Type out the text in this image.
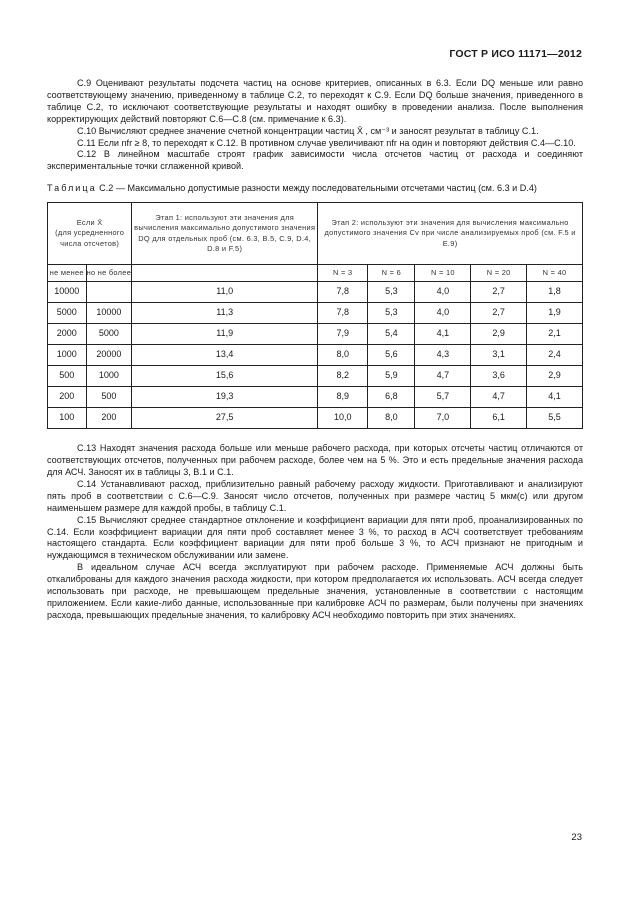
ГОСТ Р ИСО 11171—2012

С.9 Оценивают результаты подсчета частиц на основе критериев, описанных в 6.3. Если DQ меньше или равно соответствующему значению, приведенному в таблице С.2, то переходят к С.9. Если DQ больше значения, приведенного в таблице С.2, то исключают соответствующие результаты и находят ошибку в проведении анализа. После выполнения корректирующих действий повторяют С.6—С.8 (см. примечание к 6.3).

С.10 Вычисляют среднее значение счетной концентрации частиц X̄ , см⁻³ и заносят результат в таблицу С.1.

С.11 Если nfr ≥ 8, то переходят к С.12. В противном случае увеличивают nfr на один и повторяют действия С.4—С.10.

С.12 В линейном масштабе строят график зависимости числа отсчетов частиц от расхода и соединяют экспериментальные точки сглаженной кривой.

Таблица С.2 — Максимально допустимые разности между последовательными отсчетами частиц (см. 6.3 и D.4)
Если X̄
(для усредненного числа отсчетов)		Этап 1: используют эти значения для вычисления максимально допустимого значения DQ для отдельных проб (см. 6.3, В.5, С.9, D.4, D.8 и F.5)	Этап 2: используют эти значения для вычисления максимально допустимого значения Cv при числе анализируемых проб (см. F.5 и Е.9)				
не менее	но не более		N = 3	N = 6	N = 10	N = 20	N = 40
10000		11,0	7,8	5,3	4,0	2,7	1,8
5000	10000	11,3	7,8	5,3	4,0	2,7	1,9
2000	5000	11,9	7,9	5,4	4,1	2,9	2,1
1000	20000	13,4	8,0	5,6	4,3	3,1	2,4
500	1000	15,6	8,2	5,9	4,7	3,6	2,9
200	500	19,3	8,9	6,8	5,7	4,7	4,1
100	200	27,5	10,0	8,0	7,0	6,1	5,5

С.13 Находят значения расхода больше или меньше рабочего расхода, при которых отсчеты частиц отличаются от соответствующих отсчетов, полученных при рабочем расходе, более чем на 5 %. Это и есть предельные значения расхода для АСЧ. Заносят их в таблицы 3, В.1 и С.1.

С.14 Устанавливают расход, приблизительно равный рабочему расходу жидкости. Приготавливают и анализируют пять проб в соответствии с С.6—С.9. Заносят число отсчетов, полученных при размере частиц 5 мкм(c) или другом наименьшем размере для каждой пробы, в таблицу С.1.

С.15 Вычисляют среднее стандартное отклонение и коэффициент вариации для пяти проб, проанализированных по С.14. Если коэффициент вариации для пяти проб составляет менее 3 %, то расход в АСЧ соответствует требованиям настоящего стандарта. Если коэффициент вариации для пяти проб больше 3 %, то АСЧ признают не пригодным и нуждающимся в техническом обслуживании или замене.

В идеальном случае АСЧ всегда эксплуатируют при рабочем расходе. Применяемые АСЧ должны быть откалиброваны для каждого значения расхода жидкости, при котором предполагается их использовать. АСЧ всегда следует использовать при расходе, не превышающем предельные значения, установленные в соответствии с настоящим приложением. Если какие-либо данные, использованные при калибровке АСЧ по размерам, были получены при значениях расхода, превышающих предельные значения, то калибровку АСЧ необходимо повторить при этих значениях.

23
